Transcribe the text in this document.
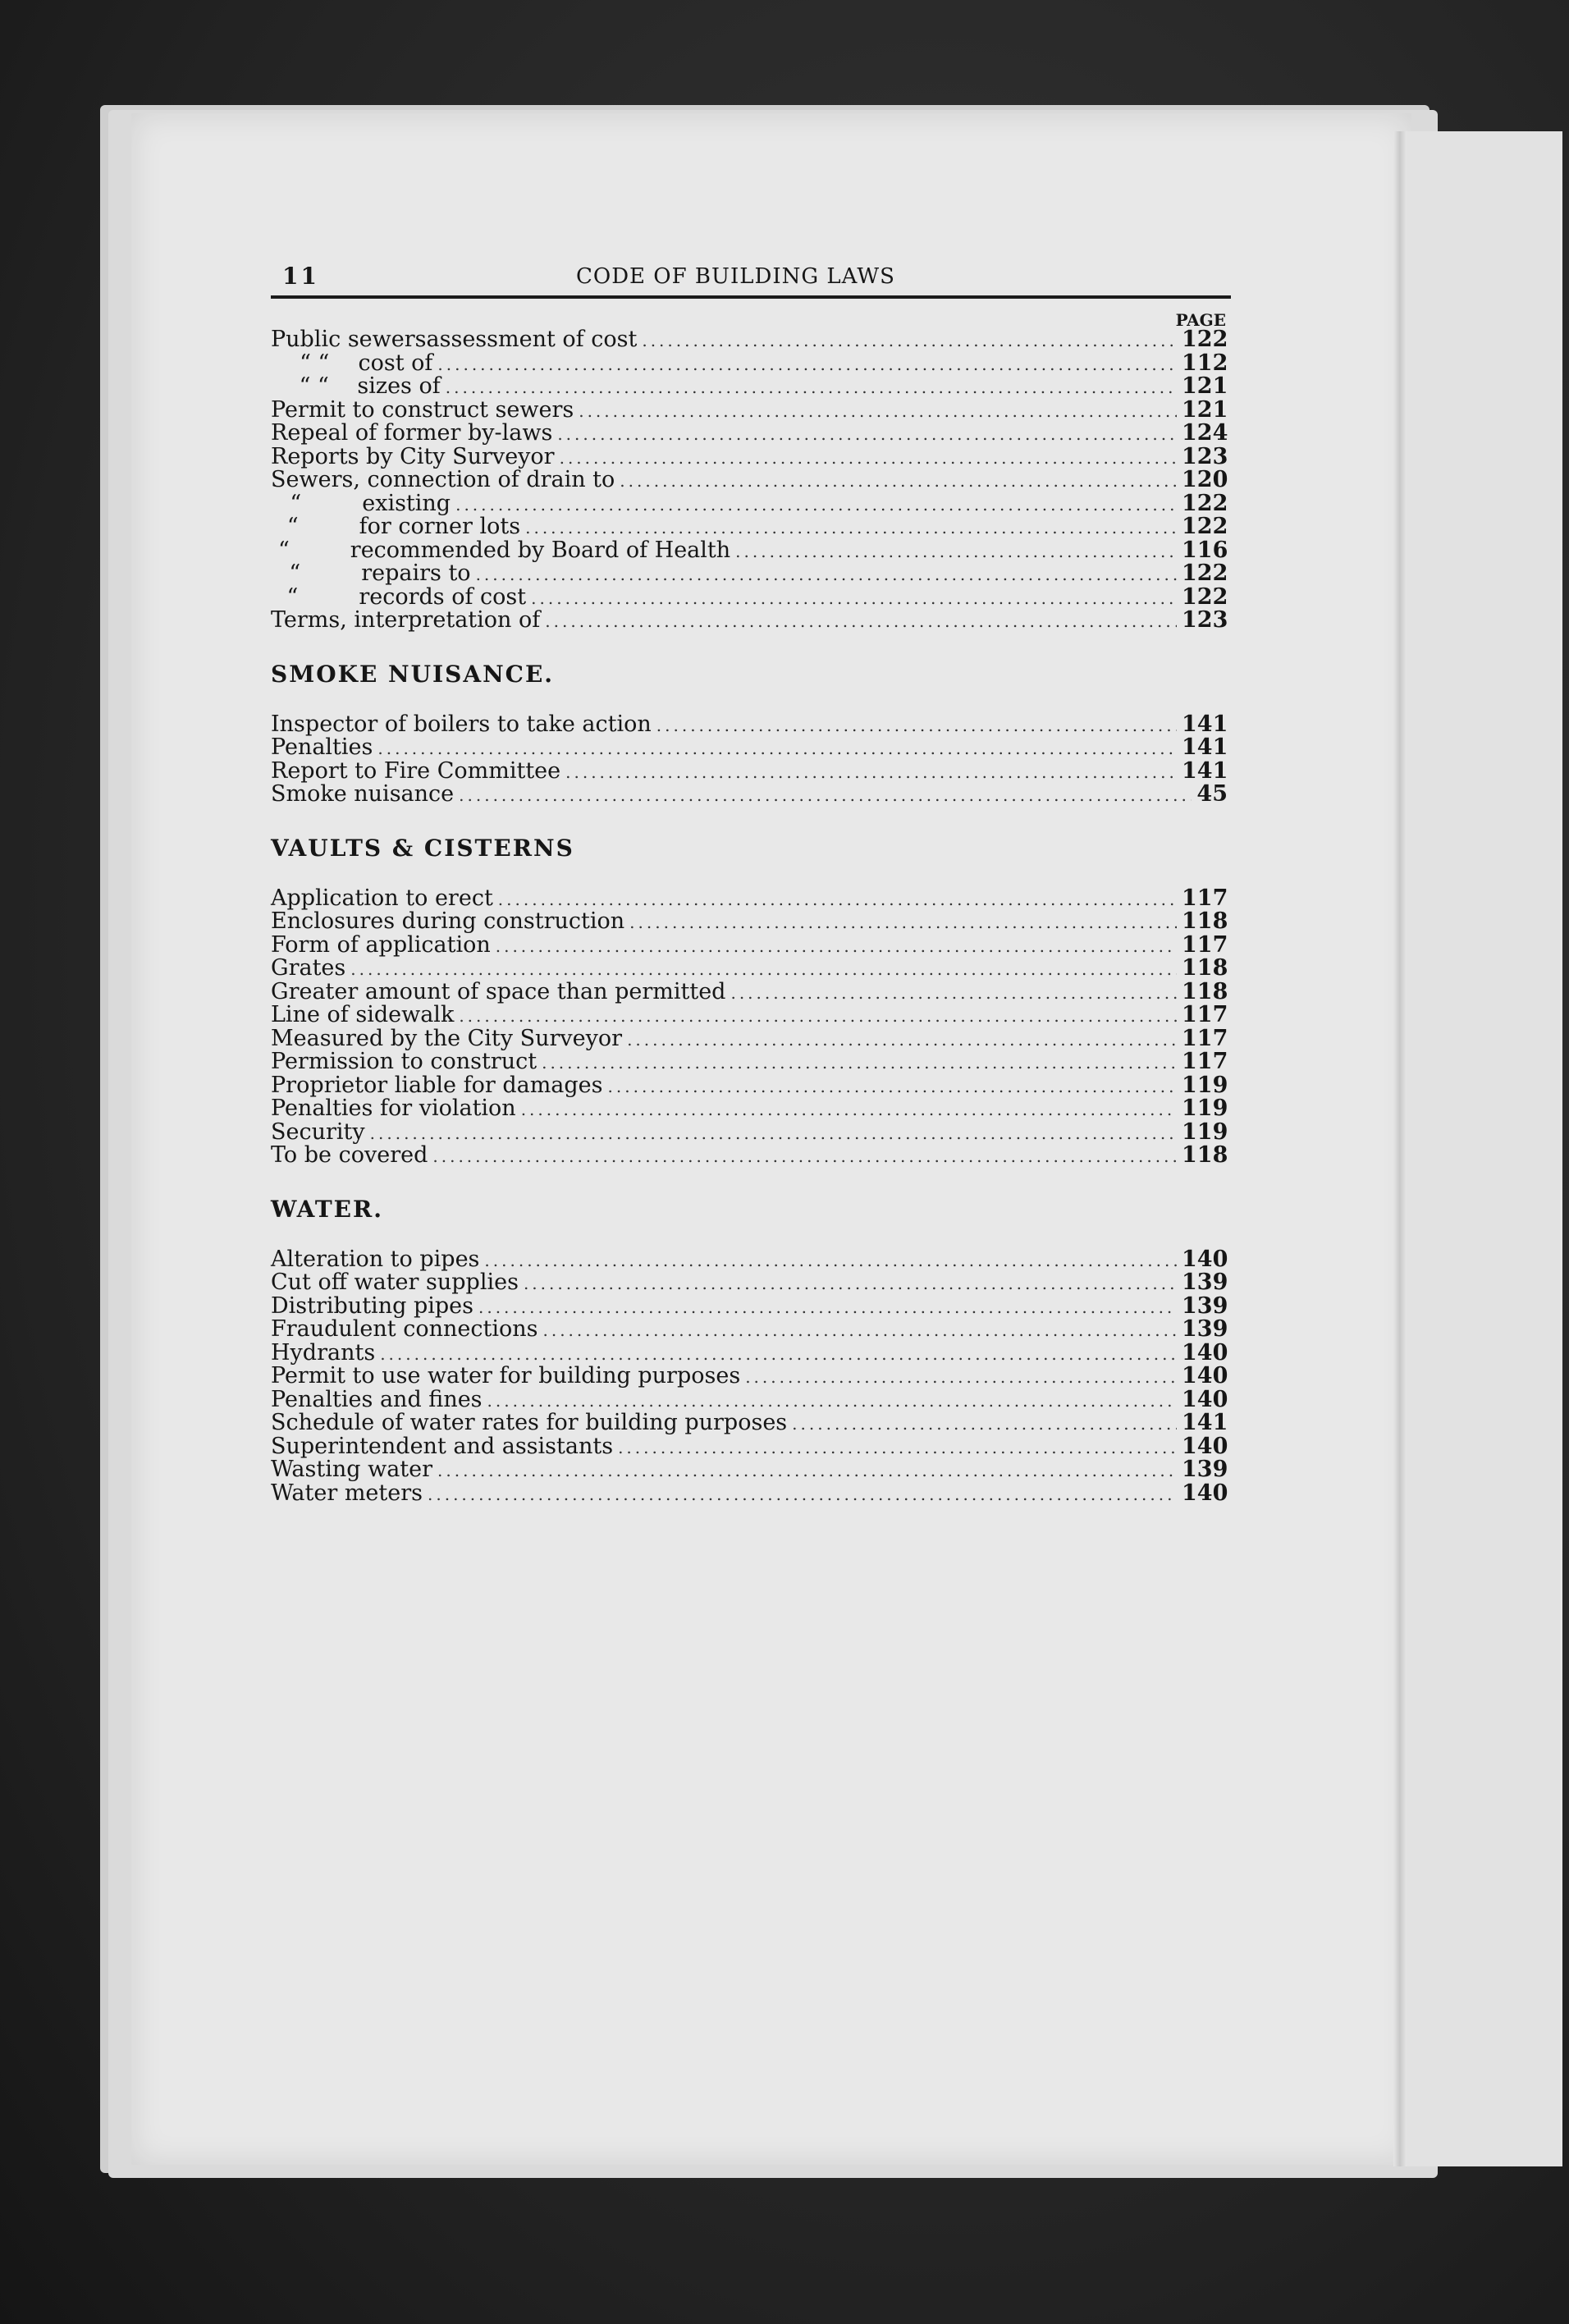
11	CODE OF BUILDING LAWS
PAGE
Public sewers assessment of cost .....	122
“ “	cost of .....	112
“ “	sizes of .....	121
Permit to construct sewers .....	121
Repeal of former by-laws .....	124
Reports by City Surveyor .....	123
Sewers, connection of drain to .....	120
“	existing .....	122
“	for corner lots .....	122
“	recommended by Board of Health .....	116
“	repairs to .....	122
“	records of cost .....	122
Terms, interpretation of .....	123
SMOKE NUISANCE.
Inspector of boilers to take action .....	141
Penalties .....	141
Report to Fire Committee .....	141
Smoke nuisance .....	45
VAULTS & CISTERNS
Application to erect .....	117
Enclosures during construction .....	118
Form of application .....	117
Grates .....	118
Greater amount of space than permitted .....	118
Line of sidewalk .....	117
Measured by the City Surveyor .....	117
Permission to construct .....	117
Proprietor liable for damages .....	119
Penalties for violation .....	119
Security .....	119
To be covered .....	118
WATER.
Alteration to pipes .....	140
Cut off water supplies .....	139
Distributing pipes .....	139
Fraudulent connections .....	139
Hydrants .....	140
Permit to use water for building purposes .....	140
Penalties and fines .....	140
Schedule of water rates for building purposes .....	141
Superintendent and assistants .....	140
Wasting water .....	139
Water meters .....	140
